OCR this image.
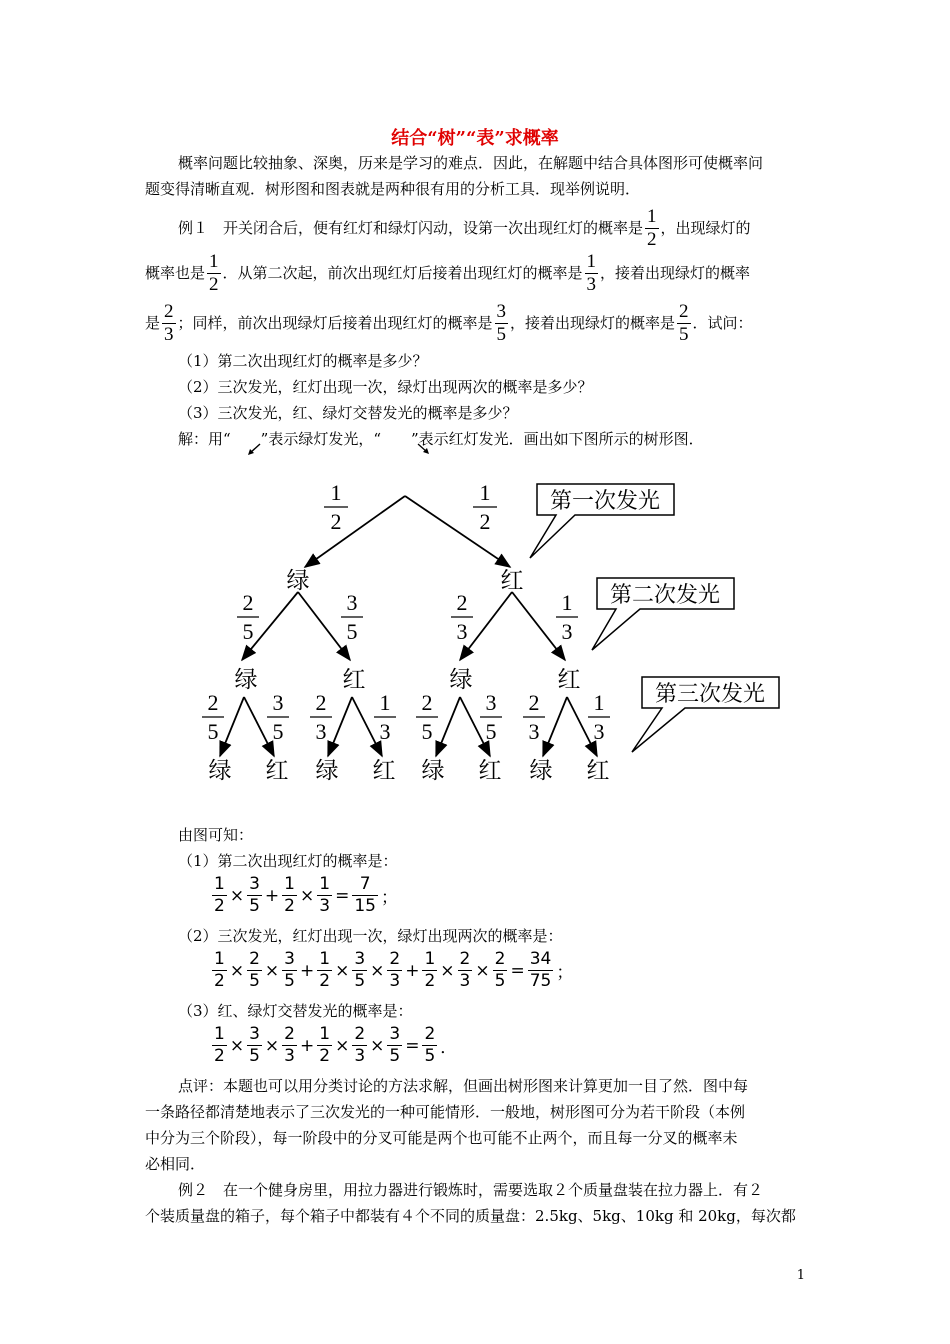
结合“树”“表”求概率
概率问题比较抽象、深奥，历来是学习的难点．因此，在解题中结合具体图形可使概率问
题变得清晰直观．树形图和图表就是两种很有用的分析工具．现举例说明．
例１　开关闭合后，便有红灯和绿灯闪动，设第一次出现红灯的概率是 $\frac{1}{2}$ ，出现绿灯的
概率也是 $\frac{1}{2}$ ．从第二次起，前次出现红灯后接着出现红灯的概率是 $\frac{1}{3}$ ，接着出现绿灯的概率
是 $\frac{2}{3}$ ；同样，前次出现绿灯后接着出现红灯的概率是 $\frac{3}{5}$ ，接着出现绿灯的概率是 $\frac{2}{5}$ ．试问：
（1）第二次出现红灯的概率是多少？
（2）三次发光，红灯出现一次，绿灯出现两次的概率是多少？
（3）三次发光，红、绿灯交替发光的概率是多少？
解：用“ ”表示绿灯发光，“ ”表示红灯发光．画出如下图所示的树形图．
第一次发光
第二次发光
第三次发光
1
2
1
2
绿	红
2
5
3
5
2
3
1
3
绿	红	绿	红
2
5
3
5
2
3
1
3
2
5
3
5
2
3
1
3
绿 红 绿 红 绿 红 绿 红
由图可知：
（1）第二次出现红灯的概率是：
$\frac{1}{2} \times \frac{3}{5} + \frac{1}{2} \times \frac{1}{3} = \frac{7}{15}$ ；
（2）三次发光，红灯出现一次，绿灯出现两次的概率是：
$\frac{1}{2} \times \frac{2}{5} \times \frac{3}{5} + \frac{1}{2} \times \frac{3}{5} \times \frac{2}{3} + \frac{1}{2} \times \frac{2}{3} \times \frac{2}{5} = \frac{34}{75}$ ；
（3）红、绿灯交替发光的概率是：
$\frac{1}{2} \times \frac{3}{5} \times \frac{2}{3} + \frac{1}{2} \times \frac{2}{3} \times \frac{3}{5} = \frac{2}{5}$ ．
点评：本题也可以用分类讨论的方法求解，但画出树形图来计算更加一目了然．图中每
一条路径都清楚地表示了三次发光的一种可能情形．一般地，树形图可分为若干阶段（本例
中分为三个阶段），每一阶段中的分叉可能是两个也可能不止两个，而且每一分叉的概率未
必相同．
例２　在一个健身房里，用拉力器进行锻炼时，需要选取２个质量盘装在拉力器上．有２
个装质量盘的箱子，每个箱子中都装有４个不同的质量盘：2.5kg、5kg、10kg 和 20kg，每次都
1
